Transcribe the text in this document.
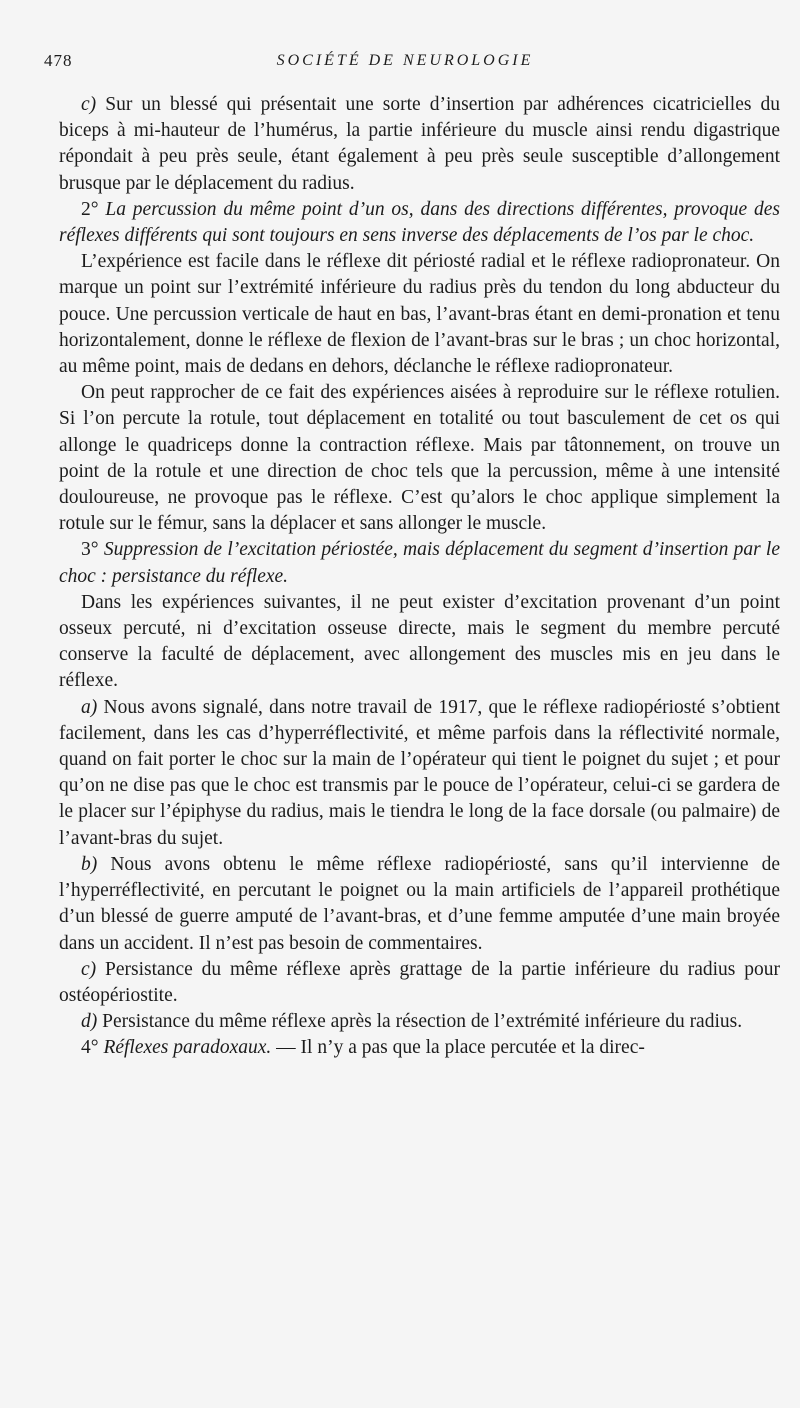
478	SOCIÉTÉ DE NEUROLOGIE

c) Sur un blessé qui présentait une sorte d’insertion par adhérences cicatricielles du biceps à mi-hauteur de l’humérus, la partie inférieure du muscle ainsi rendu digastrique répondait à peu près seule, étant également à peu près seule susceptible d’allongement brusque par le déplacement du radius.

2° La percussion du même point d’un os, dans des directions différentes, provoque des réflexes différents qui sont toujours en sens inverse des déplacements de l’os par le choc.

L’expérience est facile dans le réflexe dit périosté radial et le réflexe radiopronateur. On marque un point sur l’extrémité inférieure du radius près du tendon du long abducteur du pouce. Une percussion verticale de haut en bas, l’avant-bras étant en demi-pronation et tenu horizontalement, donne le réflexe de flexion de l’avant-bras sur le bras ; un choc horizontal, au même point, mais de dedans en dehors, déclanche le réflexe radiopronateur.

On peut rapprocher de ce fait des expériences aisées à reproduire sur le réflexe rotulien. Si l’on percute la rotule, tout déplacement en totalité ou tout basculement de cet os qui allonge le quadriceps donne la contraction réflexe. Mais par tâtonnement, on trouve un point de la rotule et une direction de choc tels que la percussion, même à une intensité douloureuse, ne provoque pas le réflexe. C’est qu’alors le choc applique simplement la rotule sur le fémur, sans la déplacer et sans allonger le muscle.

3° Suppression de l’excitation périostée, mais déplacement du segment d’insertion par le choc : persistance du réflexe.

Dans les expériences suivantes, il ne peut exister d’excitation provenant d’un point osseux percuté, ni d’excitation osseuse directe, mais le segment du membre percuté conserve la faculté de déplacement, avec allongement des muscles mis en jeu dans le réflexe.

a) Nous avons signalé, dans notre travail de 1917, que le réflexe radiopériosté s’obtient facilement, dans les cas d’hyperréflectivité, et même parfois dans la réflectivité normale, quand on fait porter le choc sur la main de l’opérateur qui tient le poignet du sujet ; et pour qu’on ne dise pas que le choc est transmis par le pouce de l’opérateur, celui-ci se gardera de le placer sur l’épiphyse du radius, mais le tiendra le long de la face dorsale (ou palmaire) de l’avant-bras du sujet.

b) Nous avons obtenu le même réflexe radiopériosté, sans qu’il intervienne de l’hyperréflectivité, en percutant le poignet ou la main artificiels de l’appareil prothétique d’un blessé de guerre amputé de l’avant-bras, et d’une femme amputée d’une main broyée dans un accident. Il n’est pas besoin de commentaires.

c) Persistance du même réflexe après grattage de la partie inférieure du radius pour ostéopériostite.

d) Persistance du même réflexe après la résection de l’extrémité inférieure du radius.

4° Réflexes paradoxaux. — Il n’y a pas que la place percutée et la direc-
